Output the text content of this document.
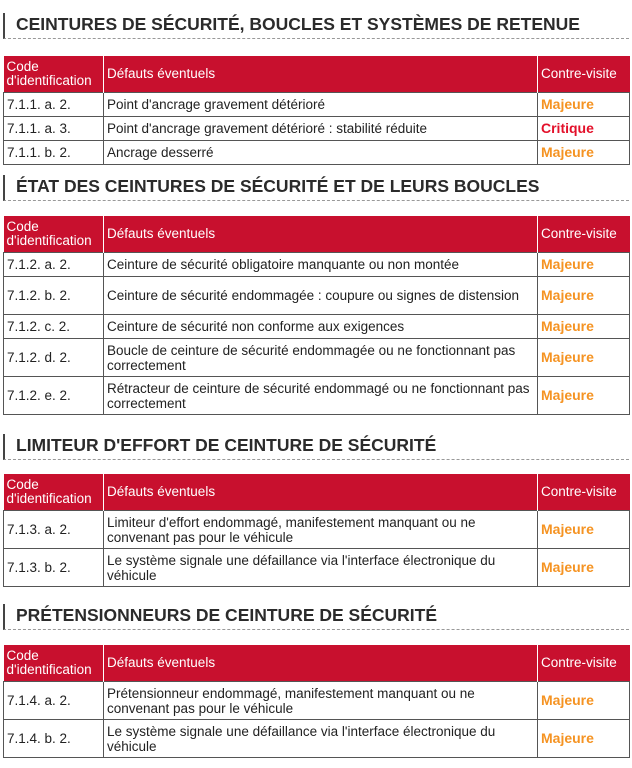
CEINTURES DE SÉCURITÉ, BOUCLES ET SYSTÈMES DE RETENUE
Code d'identification	Défauts éventuels	Contre-visite
7.1.1. a. 2.	Point d'ancrage gravement détérioré	Majeure
7.1.1. a. 3.	Point d'ancrage gravement détérioré : stabilité réduite	Critique
7.1.1. b. 2.	Ancrage desserré	Majeure
ÉTAT DES CEINTURES DE SÉCURITÉ ET DE LEURS BOUCLES
Code d'identification	Défauts éventuels	Contre-visite
7.1.2. a. 2.	Ceinture de sécurité obligatoire manquante ou non montée	Majeure
7.1.2. b. 2.	Ceinture de sécurité endommagée : coupure ou signes de distension	Majeure
7.1.2. c. 2.	Ceinture de sécurité non conforme aux exigences	Majeure
7.1.2. d. 2.	Boucle de ceinture de sécurité endommagée ou ne fonctionnant pas correctement	Majeure
7.1.2. e. 2.	Rétracteur de ceinture de sécurité endommagé ou ne fonctionnant pas correctement	Majeure
LIMITEUR D'EFFORT DE CEINTURE DE SÉCURITÉ
Code d'identification	Défauts éventuels	Contre-visite
7.1.3. a. 2.	Limiteur d'effort endommagé, manifestement manquant ou ne convenant pas pour le véhicule	Majeure
7.1.3. b. 2.	Le système signale une défaillance via l'interface électronique du véhicule	Majeure
PRÉTENSIONNEURS DE CEINTURE DE SÉCURITÉ
Code d'identification	Défauts éventuels	Contre-visite
7.1.4. a. 2.	Prétensionneur endommagé, manifestement manquant ou ne convenant pas pour le véhicule	Majeure
7.1.4. b. 2.	Le système signale une défaillance via l'interface électronique du véhicule	Majeure
